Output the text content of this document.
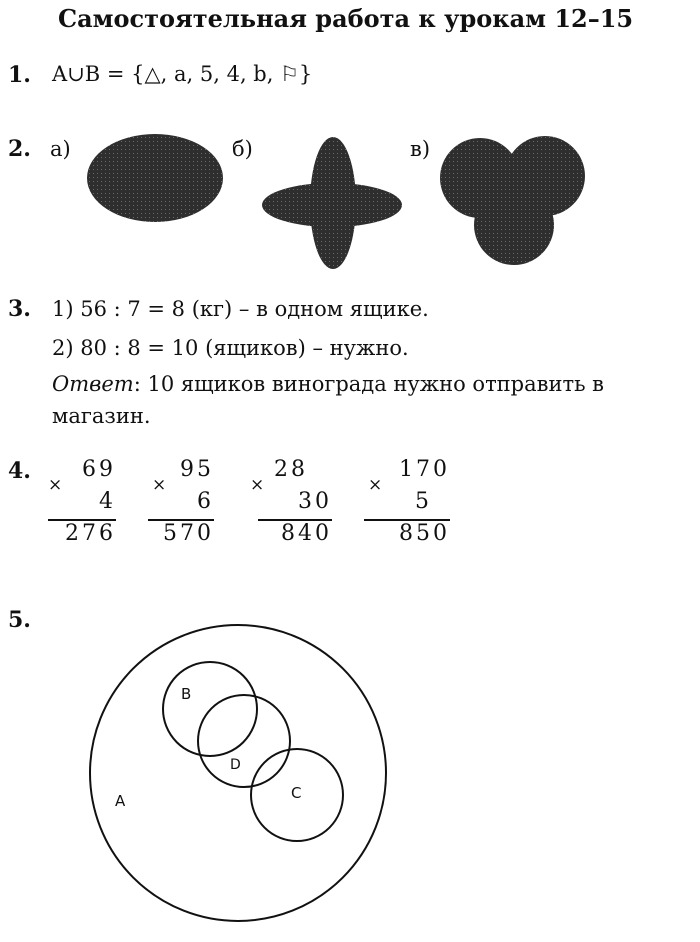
Самостоятельная работа к урокам 12–15
1. A∪B = {△, a, 5, 4, b, ⚐}
2. а)	б)	в)
A
B
C
D
3. 1) 56 : 7 = 8 (кг) – в одном ящике.
2) 80 : 8 = 10 (ящиков) – нужно.
Ответ: 10 ящиков винограда нужно отправить в
магазин.
4. 69
×
4
276
95
×
6
570
28
×
30
840
170
×
5
850
5.
